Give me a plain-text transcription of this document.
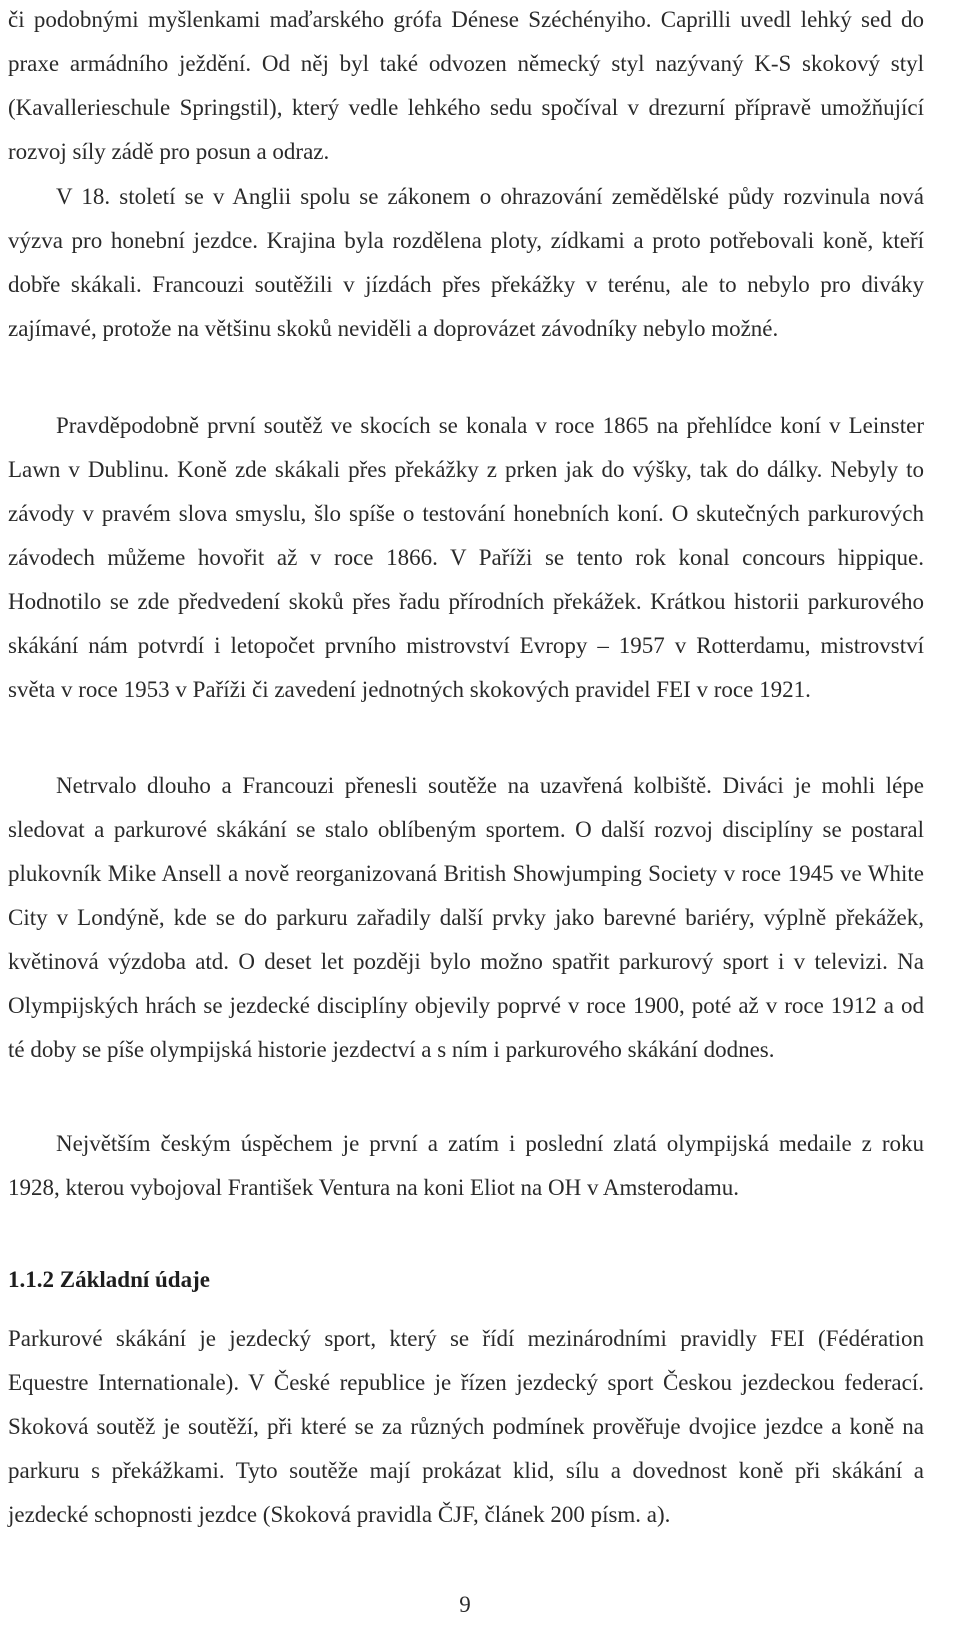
či podobnými myšlenkami maďarského grófa Dénese Széchényiho. Caprilli uvedl lehký sed do praxe armádního ježdění. Od něj byl také odvozen německý styl nazývaný K-S skokový styl (Kavallerieschule Springstil), který vedle lehkého sedu spočíval v drezurní přípravě umožňující rozvoj síly zádě pro posun a odraz.

V 18. století se v Anglii spolu se zákonem o ohrazování zemědělské půdy rozvinula nová výzva pro honební jezdce. Krajina byla rozdělena ploty, zídkami a proto potřebovali koně, kteří dobře skákali. Francouzi soutěžili v jízdách přes překážky v terénu, ale to nebylo pro diváky zajímavé, protože na většinu skoků neviděli a doprovázet závodníky nebylo možné.

Pravděpodobně první soutěž ve skocích se konala v roce 1865 na přehlídce koní v Leinster Lawn v Dublinu. Koně zde skákali přes překážky z prken jak do výšky, tak do dálky. Nebyly to závody v pravém slova smyslu, šlo spíše o testování honebních koní. O skutečných parkurových závodech můžeme hovořit až v roce 1866. V Paříži se tento rok konal concours hippique. Hodnotilo se zde předvedení skoků přes řadu přírodních překážek. Krátkou historii parkurového skákání nám potvrdí i letopočet prvního mistrovství Evropy – 1957 v Rotterdamu, mistrovství světa v roce 1953 v Paříži či zavedení jednotných skokových pravidel FEI v roce 1921.

Netrvalo dlouho a Francouzi přenesli soutěže na uzavřená kolbiště. Diváci je mohli lépe sledovat a parkurové skákání se stalo oblíbeným sportem. O další rozvoj disciplíny se postaral plukovník Mike Ansell a nově reorganizovaná British Showjumping Society v roce 1945 ve White City v Londýně, kde se do parkuru zařadily další prvky jako barevné bariéry, výplně překážek, květinová výzdoba atd. O deset let později bylo možno spatřit parkurový sport i v televizi. Na Olympijských hrách se jezdecké disciplíny objevily poprvé v roce 1900, poté až v roce 1912 a od té doby se píše olympijská historie jezdectví a s ním i parkurového skákání dodnes.

Největším českým úspěchem je první a zatím i poslední zlatá olympijská medaile z roku 1928, kterou vybojoval František Ventura na koni Eliot na OH v Amsterodamu.

1.1.2 Základní údaje

Parkurové skákání je jezdecký sport, který se řídí mezinárodními pravidly FEI (Fédération Equestre Internationale). V České republice je řízen jezdecký sport Českou jezdeckou federací. Skoková soutěž je soutěží, při které se za různých podmínek prověřuje dvojice jezdce a koně na parkuru s překážkami. Tyto soutěže mají prokázat klid, sílu a dovednost koně při skákání a jezdecké schopnosti jezdce (Skoková pravidla ČJF, článek 200 písm. a).

9
